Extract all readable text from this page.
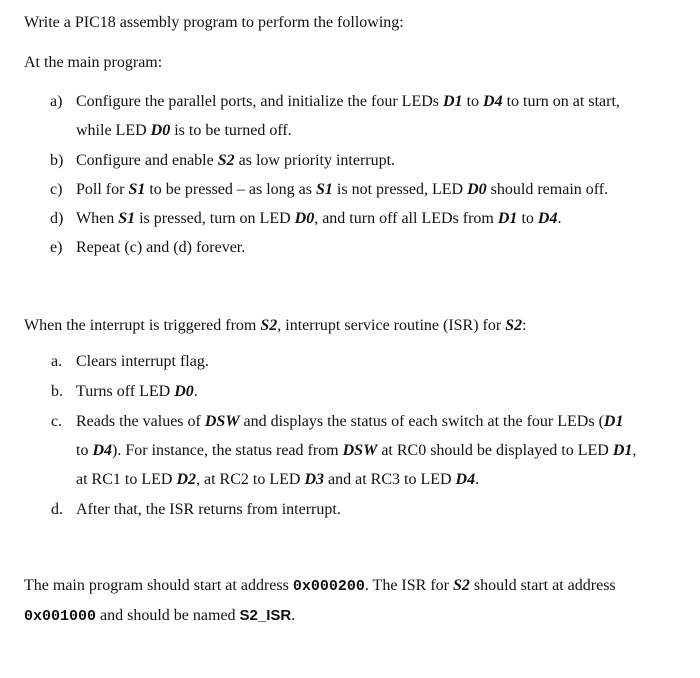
Write a PIC18 assembly program to perform the following:
At the main program:
a) Configure the parallel ports, and initialize the four LEDs D1 to D4 to turn on at start,
while LED D0 is to be turned off.
b) Configure and enable S2 as low priority interrupt.
c) Poll for S1 to be pressed – as long as S1 is not pressed, LED D0 should remain off.
d) When S1 is pressed, turn on LED D0, and turn off all LEDs from D1 to D4.
e) Repeat (c) and (d) forever.
When the interrupt is triggered from S2, interrupt service routine (ISR) for S2:
a. Clears interrupt flag.
b. Turns off LED D0.
c. Reads the values of DSW and displays the status of each switch at the four LEDs (D1
to D4). For instance, the status read from DSW at RC0 should be displayed to LED D1,
at RC1 to LED D2, at RC2 to LED D3 and at RC3 to LED D4.
d. After that, the ISR returns from interrupt.
The main program should start at address 0x000200. The ISR for S2 should start at address
0x001000 and should be named S2_ISR.
